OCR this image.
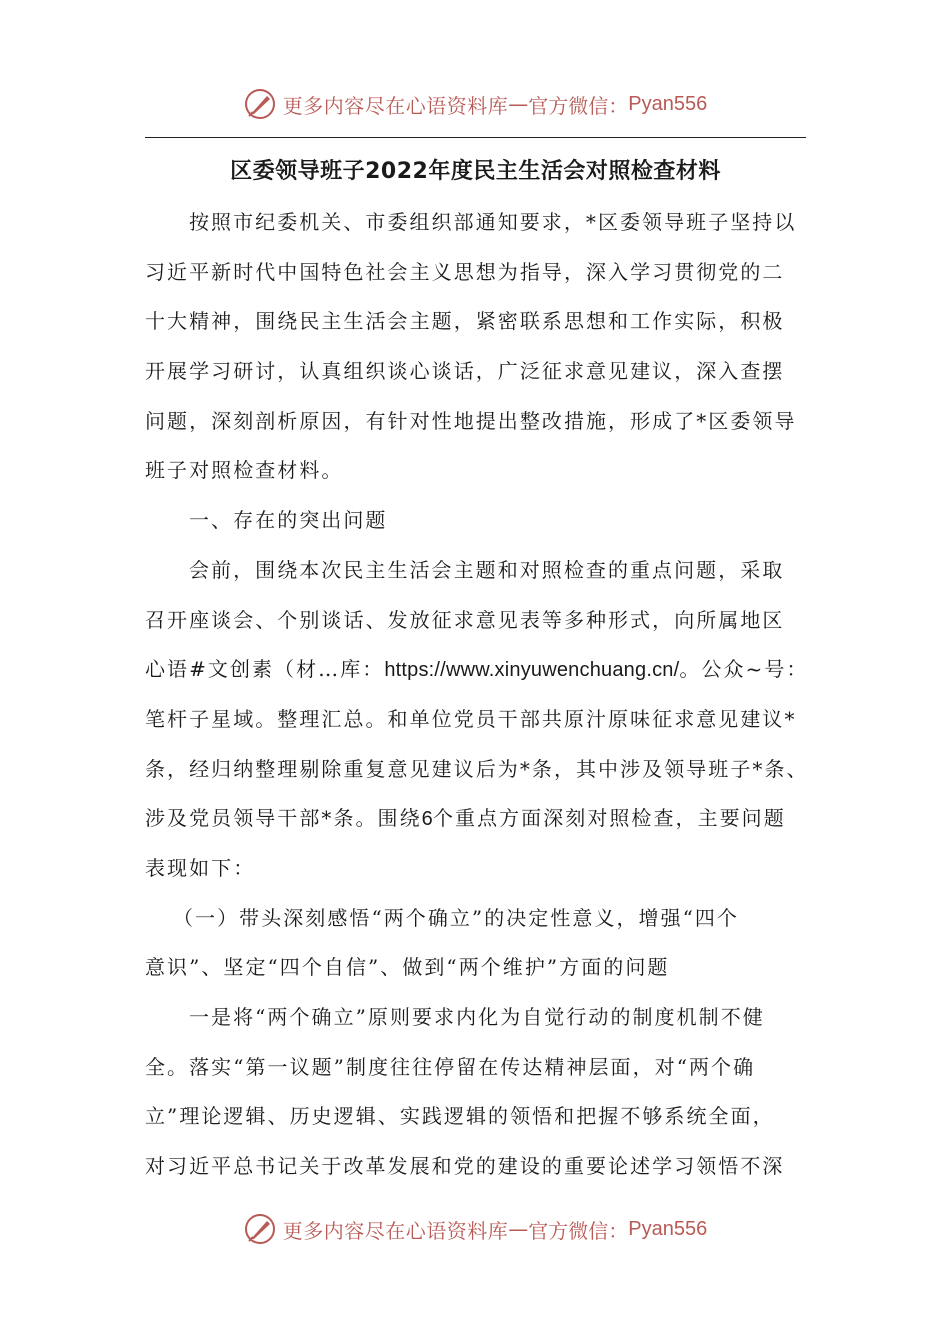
更多内容尽在心语资料库 — 官方微信： Pyan556
区委领导班子2022年度民主生活会对照检查材料
按照市纪委机关、市委组织部通知要求，*区委领导班子坚持以
习近平新时代中国特色社会主义思想为指导，深入学习贯彻党的二
十大精神，围绕民主生活会主题，紧密联系思想和工作实际，积极
开展学习研讨，认真组织谈心谈话，广泛征求意见建议，深入查摆
问题，深刻剖析原因，有针对性地提出整改措施，形成了*区委领导
班子对照检查材料。
一、存在的突出问题
会前，围绕本次民主生活会主题和对照检查的重点问题，采取
召开座谈会、个别谈话、发放征求意见表等多种形式，向所属地区
心语#文创素（材…库：https://www.xinyuwenchuang.cn/。公众~号：
笔杆子星域。整理汇总。和单位党员干部共原汁原味征求意见建议*
条，经归纳整理剔除重复意见建议后为*条，其中涉及领导班子*条、
涉及党员领导干部*条。围绕6个重点方面深刻对照检查，主要问题
表现如下：
（一）带头深刻感悟“两个确立”的决定性意义，增强“四个
意识”、坚定“四个自信”、做到“两个维护”方面的问题
一是将“两个确立”原则要求内化为自觉行动的制度机制不健
全。落实“第一议题”制度往往停留在传达精神层面，对“两个确
立”理论逻辑、历史逻辑、实践逻辑的领悟和把握不够系统全面，
对习近平总书记关于改革发展和党的建设的重要论述学习领悟不深
更多内容尽在心语资料库 — 官方微信： Pyan556
